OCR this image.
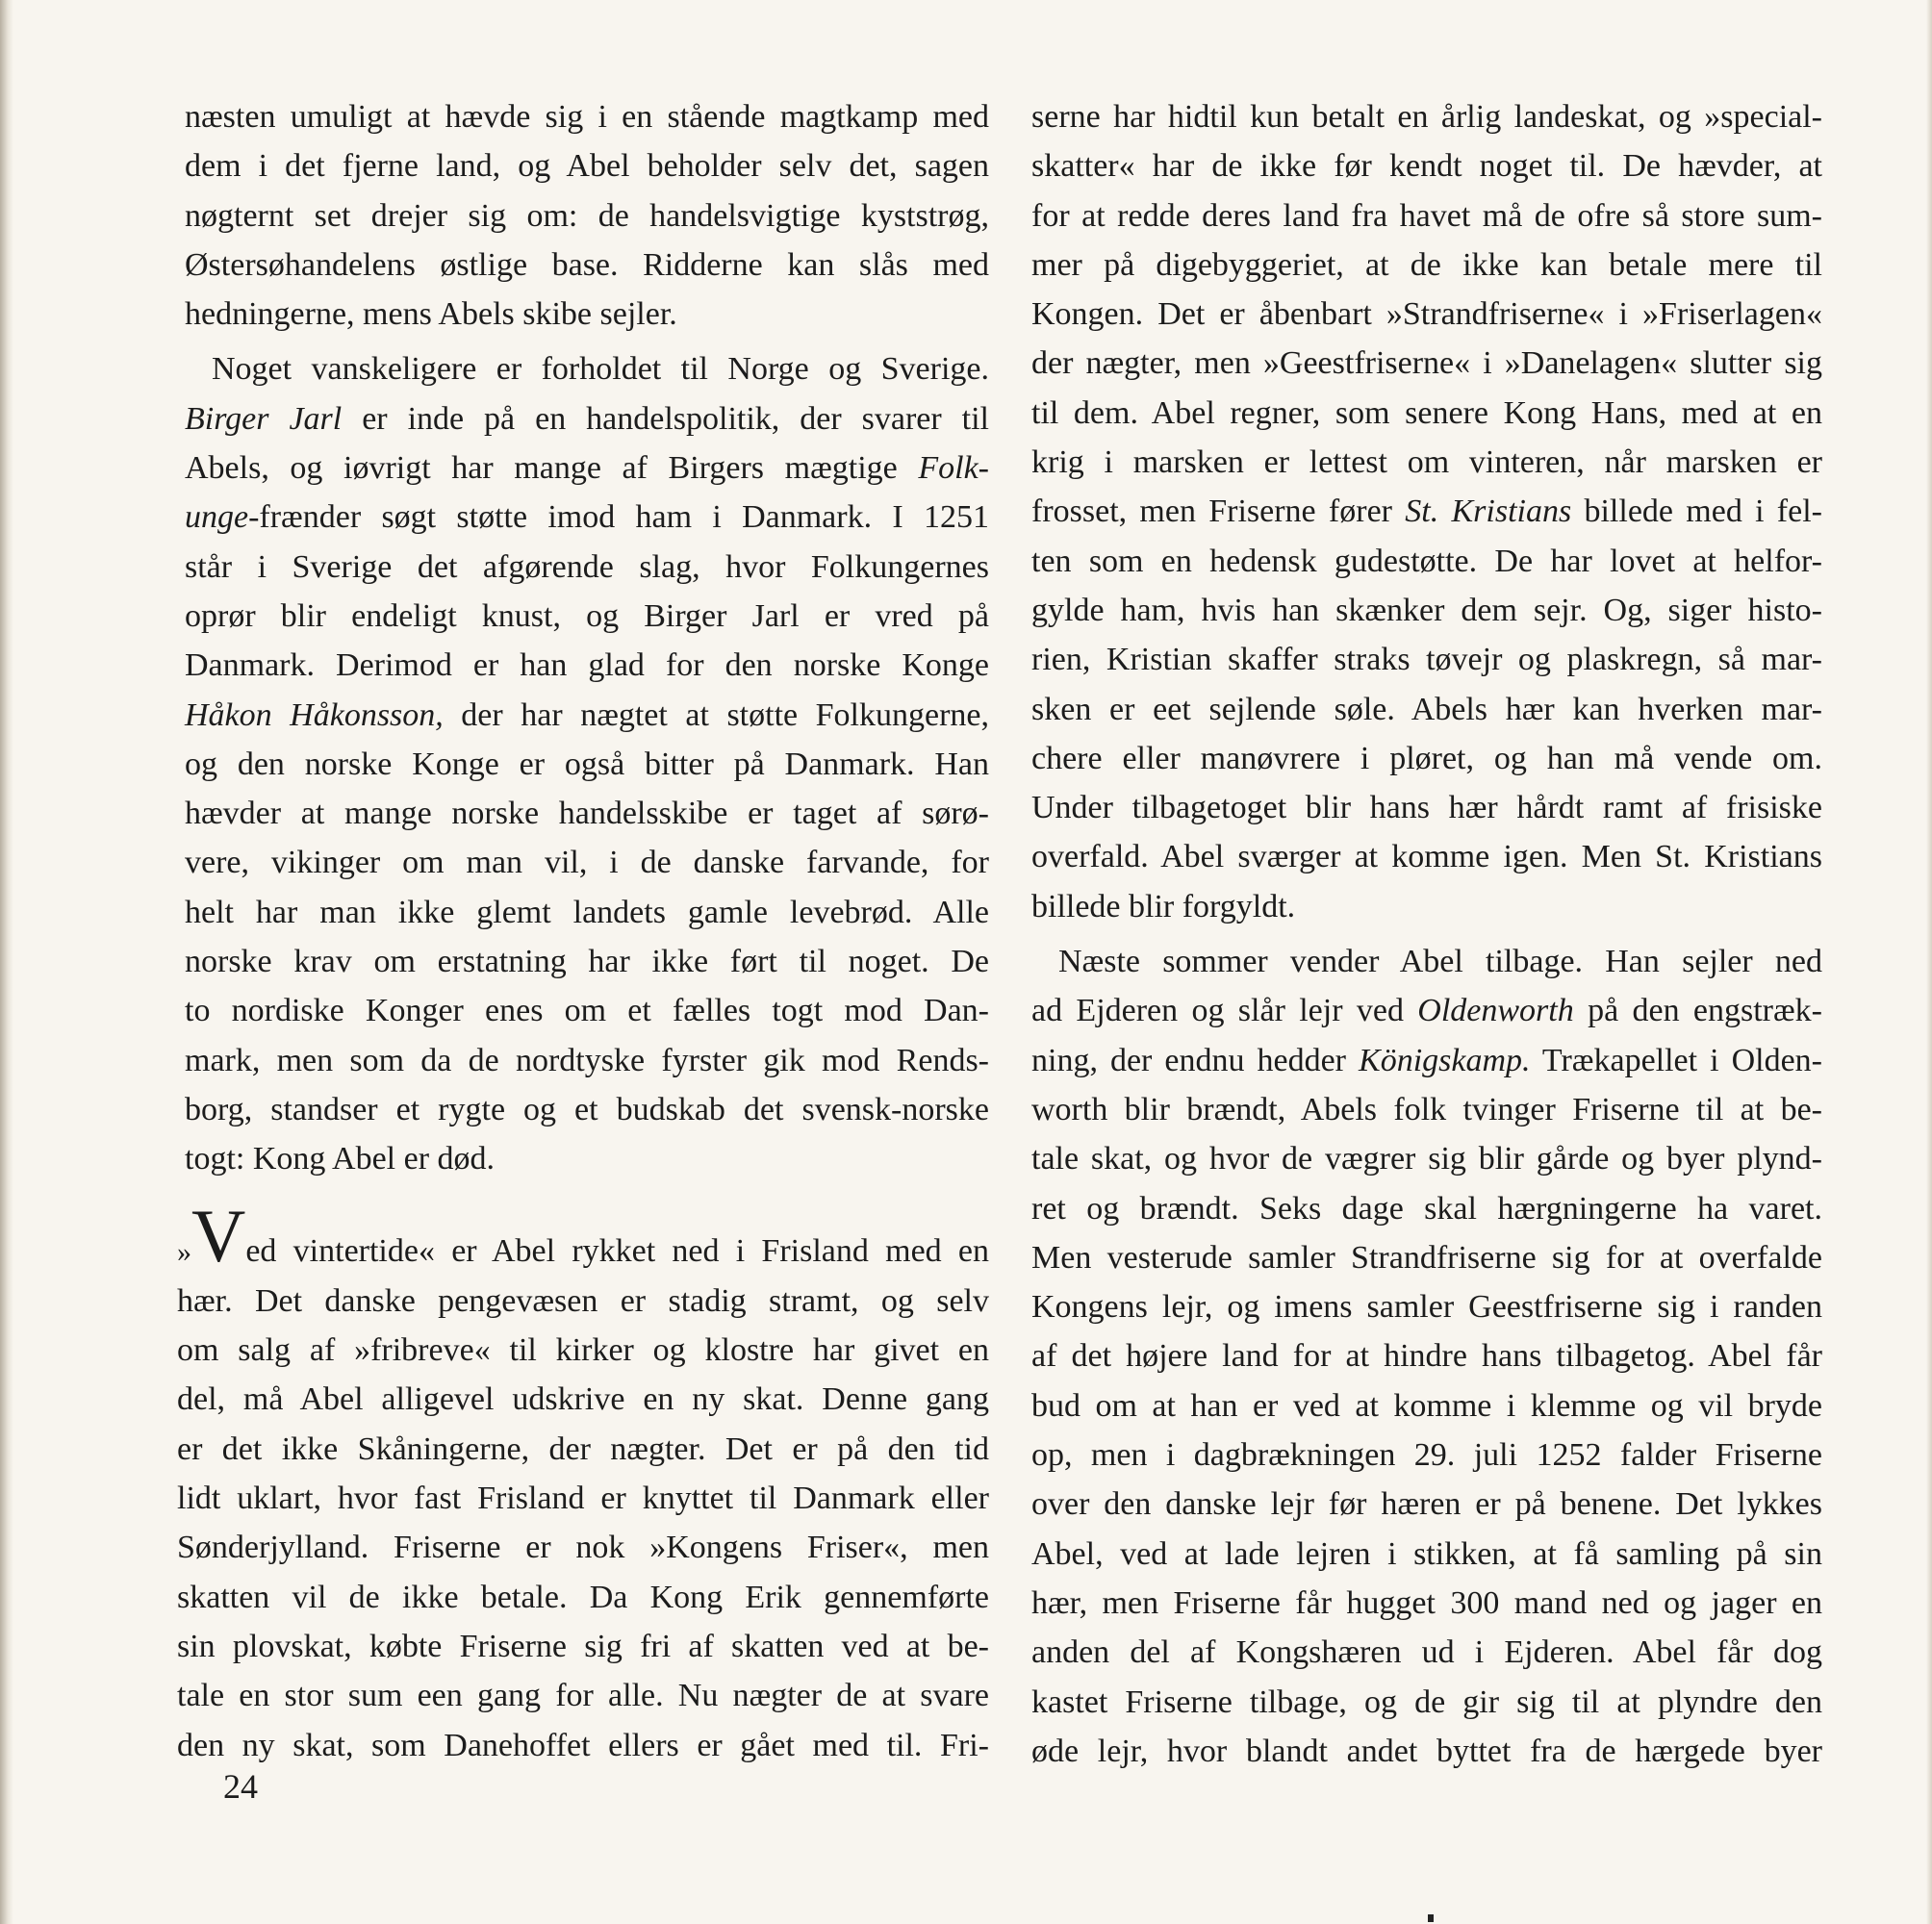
næsten umuligt at hævde sig i en stående magtkamp med

dem i det fjerne land, og Abel beholder selv det, sagen

nøgternt set drejer sig om: de handelsvigtige kyststrøg,

Østersøhandelens østlige base. Ridderne kan slås med

hedningerne, mens Abels skibe sejler.

Noget vanskeligere er forholdet til Norge og Sverige.

Birger Jarl er inde på en handelspolitik, der svarer til

Abels, og iøvrigt har mange af Birgers mægtige Folk-

unge-frænder søgt støtte imod ham i Danmark. I 1251

står i Sverige det afgørende slag, hvor Folkungernes

oprør blir endeligt knust, og Birger Jarl er vred på

Danmark. Derimod er han glad for den norske Konge

Håkon Håkonsson, der har nægtet at støtte Folkungerne,

og den norske Konge er også bitter på Danmark. Han

hævder at mange norske handelsskibe er taget af sørø-

vere, vikinger om man vil, i de danske farvande, for

helt har man ikke glemt landets gamle levebrød. Alle

norske krav om erstatning har ikke ført til noget. De

to nordiske Konger enes om et fælles togt mod Dan-

mark, men som da de nordtyske fyrster gik mod Rends-

borg, standser et rygte og et budskab det svensk-norske

togt: Kong Abel er død.

»Ved vintertide« er Abel rykket ned i Frisland med en

hær. Det danske pengevæsen er stadig stramt, og selv

om salg af »fribreve« til kirker og klostre har givet en

del, må Abel alligevel udskrive en ny skat. Denne gang

er det ikke Skåningerne, der nægter. Det er på den tid

lidt uklart, hvor fast Frisland er knyttet til Danmark eller

Sønderjylland. Friserne er nok »Kongens Friser«, men

skatten vil de ikke betale. Da Kong Erik gennemførte

sin plovskat, købte Friserne sig fri af skatten ved at be-

tale en stor sum een gang for alle. Nu nægter de at svare

den ny skat, som Danehoffet ellers er gået med til. Fri-

serne har hidtil kun betalt en årlig landeskat, og »special-

skatter« har de ikke før kendt noget til. De hævder, at

for at redde deres land fra havet må de ofre så store sum-

mer på digebyggeriet, at de ikke kan betale mere til

Kongen. Det er åbenbart »Strandfriserne« i »Friserlagen«

der nægter, men »Geestfriserne« i »Danelagen« slutter sig

til dem. Abel regner, som senere Kong Hans, med at en

krig i marsken er lettest om vinteren, når marsken er

frosset, men Friserne fører St. Kristians billede med i fel-

ten som en hedensk gudestøtte. De har lovet at helfor-

gylde ham, hvis han skænker dem sejr. Og, siger histo-

rien, Kristian skaffer straks tøvejr og plaskregn, så mar-

sken er eet sejlende søle. Abels hær kan hverken mar-

chere eller manøvrere i pløret, og han må vende om.

Under tilbagetoget blir hans hær hårdt ramt af frisiske

overfald. Abel sværger at komme igen. Men St. Kristians

billede blir forgyldt.

Næste sommer vender Abel tilbage. Han sejler ned

ad Ejderen og slår lejr ved Oldenworth på den engstræk-

ning, der endnu hedder Königskamp. Trækapellet i Olden-

worth blir brændt, Abels folk tvinger Friserne til at be-

tale skat, og hvor de vægrer sig blir gårde og byer plynd-

ret og brændt. Seks dage skal hærgningerne ha varet.

Men vesterude samler Strandfriserne sig for at overfalde

Kongens lejr, og imens samler Geestfriserne sig i randen

af det højere land for at hindre hans tilbagetog. Abel får

bud om at han er ved at komme i klemme og vil bryde

op, men i dagbrækningen 29. juli 1252 falder Friserne

over den danske lejr før hæren er på benene. Det lykkes

Abel, ved at lade lejren i stikken, at få samling på sin

hær, men Friserne får hugget 300 mand ned og jager en

anden del af Kongshæren ud i Ejderen. Abel får dog

kastet Friserne tilbage, og de gir sig til at plyndre den

øde lejr, hvor blandt andet byttet fra de hærgede byer

24
